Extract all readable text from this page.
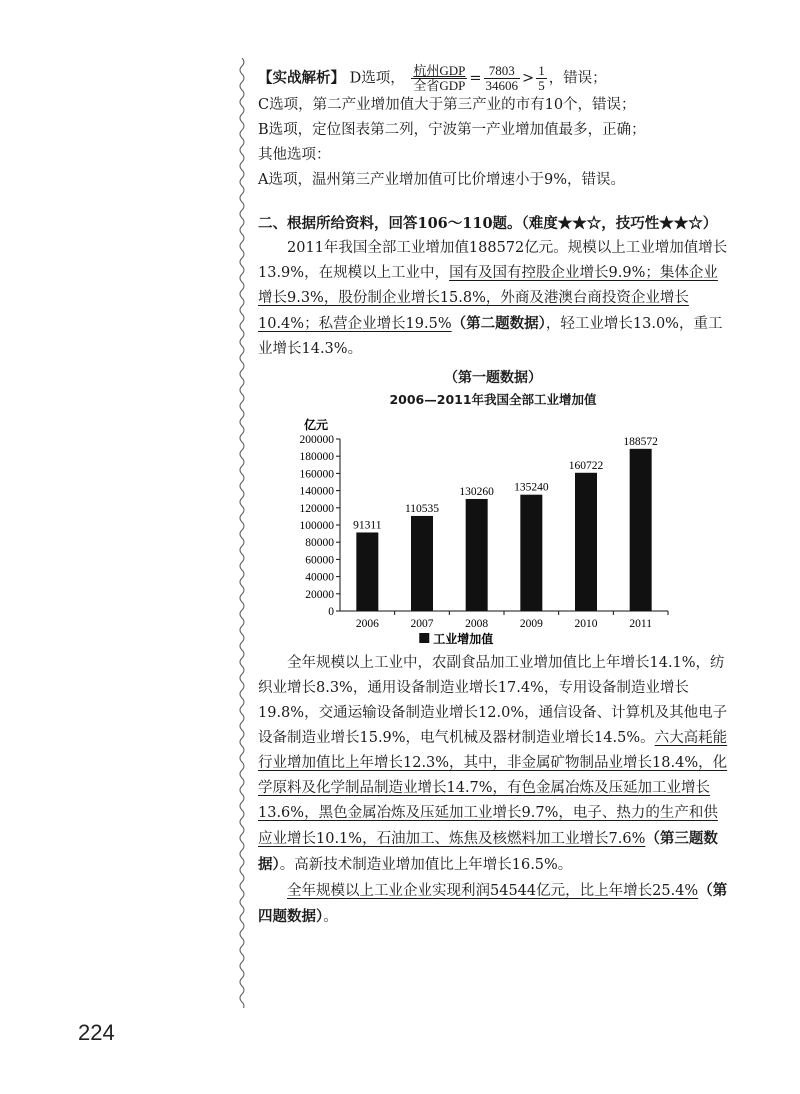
【实战解析】 D选项， $\frac{\text{杭州GDP}}{\text{全省GDP}} = \frac{7803}{34606} > \frac{1}{5}$ ，错误；

C选项，第二产业增加值大于第三产业的市有10个，错误；

B选项，定位图表第二列，宁波第一产业增加值最多，正确；

其他选项：

A选项，温州第三产业增加值可比价增速小于9%，错误。

二、根据所给资料，回答106～110题。（难度★★☆，技巧性★★☆）

2011年我国全部工业增加值188572亿元。规模以上工业增加值增长13.9%，在规模以上工业中，国有及国有控股企业增长9.9%；集体企业增长9.3%，股份制企业增长15.8%，外商及港澳台商投资企业增长10.4%；私营企业增长19.5%（第二题数据），轻工业增长13.0%，重工业增长14.3%。

（第一题数据）
2006—2011年我国全部工业增加值
亿元
0
20000
40000
60000
80000
100000
120000
140000
160000
180000
200000
91311
2006
110535
2007
130260
2008
135240
2009
160722
2010
188572
2011
工业增加值

全年规模以上工业中，农副食品加工业增加值比上年增长14.1%，纺织业增长8.3%，通用设备制造业增长17.4%，专用设备制造业增长19.8%，交通运输设备制造业增长12.0%，通信设备、计算机及其他电子设备制造业增长15.9%，电气机械及器材制造业增长14.5%。六大高耗能行业增加值比上年增长12.3%，其中，非金属矿物制品业增长18.4%，化学原料及化学制品制造业增长14.7%，有色金属冶炼及压延加工业增长13.6%，黑色金属冶炼及压延加工业增长9.7%，电子、热力的生产和供应业增长10.1%，石油加工、炼焦及核燃料加工业增长7.6%（第三题数据）。高新技术制造业增加值比上年增长16.5%。

全年规模以上工业企业实现利润54544亿元，比上年增长25.4%（第四题数据）。

224
